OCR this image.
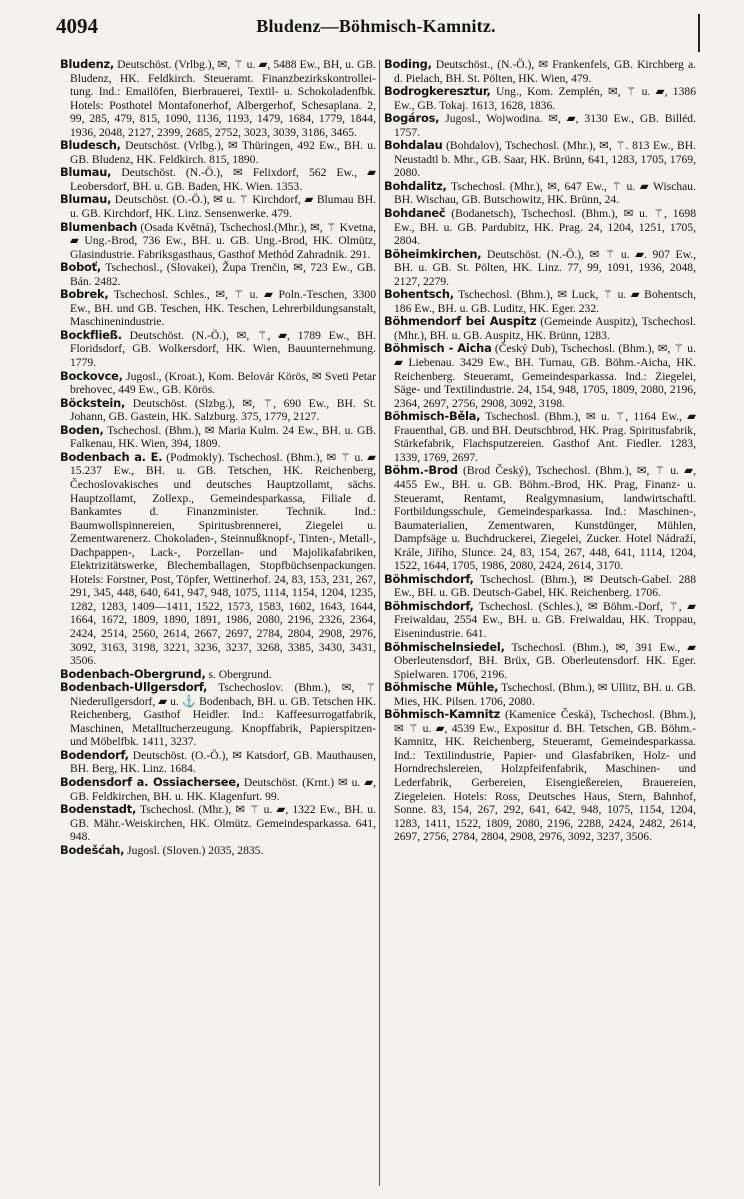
4094	Bludenz—Böhmisch-Kamnitz.

Bludenz, Deutschöst. (Vrlbg.), ✉, ⚚ u. ▰, 5488 Ew., BH, u. GB. Bludenz, HK. Feldkirch. Steueramt. Finanzbezirkskontrollei-tung. Ind.: Emailöfen, Bierbrauerei, Textil- u. Schokoladenfbk. Hotels: Posthotel Montafonerhof, Albergerhof, Schesaplana. 2, 99, 285, 479, 815, 1090, 1136, 1193, 1479, 1684, 1779, 1844, 1936, 2048, 2127, 2399, 2685, 2752, 3023, 3039, 3186, 3465.

Bludesch, Deutschöst. (Vrlbg.), ✉ Thüringen, 492 Ew., BH. u. GB. Bludenz, HK. Feldkirch. 815, 1890.

Blumau, Deutschöst. (N.-Ö.), ✉ Felixdorf, 562 Ew., ▰ Leobersdorf, BH. u. GB. Baden, HK. Wien. 1353.

Blumau, Deutschöst. (O.-Ö.), ✉ u. ⚚ Kirchdorf, ▰ Blumau BH. u. GB. Kirchdorf, HK. Linz. Sensenwerke. 479.

Blumenbach (Osada Květná), Tschechosl.(Mhr.), ✉, ⚚ Kvetna, ▰ Ung.-Brod, 736 Ew., BH. u. GB. Ung.-Brod, HK. Olmütz, Glasindustrie. Fabriksgasthaus, Gasthof Methód Zahradnik. 291.

Boboť, Tschechosl., (Slovakei), Župa Trenčin, ✉, 723 Ew., GB. Bán. 2482.

Bobrek, Tschechosl. Schles., ✉, ⚚ u. ▰ Poln.-Teschen, 3300 Ew., BH. und GB. Teschen, HK. Teschen, Lehrerbildungsanstalt, Maschinenindustrie.

Bockfließ. Deutschöst. (N.-Ö.), ✉, ⚚, ▰, 1789 Ew., BH. Floridsdorf, GB. Wolkersdorf, HK. Wien, Bauunternehmung. 1779.

Bockovce, Jugosl., (Kroat.), Kom. Belovár Körös, ✉ Sveti Petar brehovec, 449 Ew., GB. Körös.

Böckstein, Deutschöst. (Slzbg.), ✉, ⚚, 690 Ew., BH. St. Johann, GB. Gastein, HK. Salzburg. 375, 1779, 2127.

Boden, Tschechosl. (Bhm.), ✉ Maria Kulm. 24 Ew., BH. u. GB. Falkenau, HK. Wien, 394, 1809.

Bodenbach a. E. (Podmokly). Tschechosl. (Bhm.), ✉ ⚚ u. ▰ 15.237 Ew., BH. u. GB. Tetschen, HK. Reichenberg, Čechoslovakisches und deutsches Hauptzollamt, sächs. Hauptzollamt, Zollexp., Gemeindesparkassa, Filiale d. Bankamtes d. Finanzminister. Technik. Ind.: Baumwollspinnereien, Spiritusbrennerei, Ziegelei u. Zementwarenerz. Chokoladen-, Steinnußknopf-, Tinten-, Metall-, Dachpappen-, Lack-, Porzellan- und Majolikafabriken, Elektrizitätswerke, Blechemballagen, Stopfbüchsenpackungen. Hotels: Forstner, Post, Töpfer, Wettinerhof. 24, 83, 153, 231, 267, 291, 345, 448, 640, 641, 947, 948, 1075, 1114, 1154, 1204, 1235, 1282, 1283, 1409—1411, 1522, 1573, 1583, 1602, 1643, 1644, 1664, 1672, 1809, 1890, 1891, 1986, 2080, 2196, 2326, 2364, 2424, 2514, 2560, 2614, 2667, 2697, 2784, 2804, 2908, 2976, 3092, 3163, 3198, 3221, 3236, 3237, 3268, 3385, 3430, 3431, 3506.

Bodenbach-Obergrund, s. Obergrund.

Bodenbach-Ullgersdorf, Tschechoslov. (Bhm.), ✉, ⚚ Niederullgersdorf, ▰ u. ⚓ Bodenbach, BH. u. GB. Tetschen HK. Reichenberg, Gasthof Heidler. Ind.: Kaffeesurrogatfabrik, Maschinen, Metalltucherzeugung. Knopffabrik, Papierspitzen- und Möbelfbk. 1411, 3237.

Bodendorf, Deutschöst. (O.-Ö.), ✉ Katsdorf, GB. Mauthausen, BH. Berg, HK. Linz. 1684.

Bodensdorf a. Ossiachersee, Deutschöst. (Krnt.) ✉ u. ▰, GB. Feldkirchen, BH. u. HK. Klagenfurt. 99.

Bodenstadt, Tschechosl. (Mhr.), ✉ ⚚ u. ▰, 1322 Ew., BH. u. GB. Mähr.-Weiskirchen, HK. Olmütz. Gemeindesparkassa. 641, 948.

Bodešćah, Jugosl. (Sloven.) 2035, 2835.

Boding, Deutschöst., (N.-Ö.), ✉ Frankenfels, GB. Kirchberg a. d. Pielach, BH. St. Pölten, HK. Wien, 479.

Bodrogkeresztur, Ung., Kom. Zemplén, ✉, ⚚ u. ▰, 1386 Ew., GB. Tokaj. 1613, 1628, 1836.

Bogáros, Jugosl., Wojwodina. ✉, ▰, 3130 Ew., GB. Billéd. 1757.

Bohdalau (Bohdalov), Tschechosl. (Mhr.), ✉, ⚚. 813 Ew., BH. Neustadtl b. Mhr., GB. Saar, HK. Brünn, 641, 1283, 1705, 1769, 2080.

Bohdalitz, Tschechosl. (Mhr.), ✉, 647 Ew., ⚚ u. ▰ Wischau. BH. Wischau, GB. Butschowitz, HK. Brünn, 24.

Bohdaneč (Bodanetsch), Tschechosl. (Bhm.), ✉ u. ⚚, 1698 Ew., BH. u. GB. Pardubitz, HK. Prag. 24, 1204, 1251, 1705, 2804.

Böheimkirchen, Deutschöst. (N.-Ö.), ✉ ⚚ u. ▰. 907 Ew., BH. u. GB. St. Pölten, HK. Linz. 77, 99, 1091, 1936, 2048, 2127, 2279.

Bohentsch, Tschechosl. (Bhm.), ✉ Luck, ⚚ u. ▰ Bohentsch, 186 Ew., BH. u. GB. Luditz, HK. Eger. 232.

Böhmendorf bei Auspitz (Gemeinde Auspitz), Tschechosl. (Mhr.), BH. u. GB. Auspitz, HK. Brünn, 1283.

Böhmisch - Aicha (Český Dub), Tschechosl. (Bhm.), ✉, ⚚ u. ▰ Liebenau. 3429 Ew., BH. Turnau, GB. Böhm.-Aicha, HK. Reichenberg. Steueramt, Gemeindesparkassa. Ind.: Ziegelei, Säge- und Textilindustrie. 24, 154, 948, 1705, 1809, 2080, 2196, 2364, 2697, 2756, 2908, 3092, 3198.

Böhmisch-Běla, Tschechosl. (Bhm.), ✉ u. ⚚, 1164 Ew., ▰ Frauenthal, GB. und BH. Deutschbrod, HK. Prag. Spiritusfabrik, Stärkefabrik, Flachsputzereien. Gasthof Ant. Fiedler. 1283, 1339, 1769, 2697.

Böhm.-Brod (Brod Český), Tschechosl. (Bhm.), ✉, ⚚ u. ▰, 4455 Ew., BH. u. GB. Böhm.-Brod, HK. Prag, Finanz- u. Steueramt, Rentamt, Realgymnasium, landwirtschaftl. Fortbildungsschule, Gemeindesparkassa. Ind.: Maschinen-, Baumaterialien, Zementwaren, Kunstdünger, Mühlen, Dampfsäge u. Buchdruckerei, Ziegelei, Zucker. Hotel Nádraží, Krále, Jiřího, Slunce. 24, 83, 154, 267, 448, 641, 1114, 1204, 1522, 1644, 1705, 1986, 2080, 2424, 2614, 3170.

Böhmischdorf, Tschechosl. (Bhm.), ✉ Deutsch-Gabel. 288 Ew., BH. u. GB. Deutsch-Gabel, HK. Reichenberg. 1706.

Böhmischdorf, Tschechosl. (Schles.), ✉ Böhm.-Dorf, ⚚, ▰ Freiwaldau, 2554 Ew., BH. u. GB. Freiwaldau, HK. Troppau, Eisenindustrie. 641.

Böhmischelnsiedel, Tschechosl. (Bhm.), ✉, 391 Ew., ▰ Oberleutensdorf, BH. Brüx, GB. Oberleutensdorf. HK. Eger. Spielwaren. 1706, 2196.

Böhmische Mühle, Tschechosl. (Bhm.), ✉ Ullitz, BH. u. GB. Mies, HK. Pilsen. 1706, 2080.

Böhmisch-Kamnitz (Kamenice Česká), Tschechosl. (Bhm.), ✉ ⚚ u. ▰, 4539 Ew., Expositur d. BH. Tetschen, GB. Böhm.-Kamnitz, HK. Reichenberg, Steueramt, Gemeindesparkassa. Ind.: Textilindustrie, Papier- und Glasfabriken, Holz- und Horndrechslereien, Holzpfeifenfabrik, Maschinen- und Lederfabrik, Gerbereien, Eisengießereien, Brauereien, Ziegeleien. Hotels: Ross, Deutsches Haus, Stern, Bahnhof, Sonne. 83, 154, 267, 292, 641, 642, 948, 1075, 1154, 1204, 1283, 1411, 1522, 1809, 2080, 2196, 2288, 2424, 2482, 2614, 2697, 2756, 2784, 2804, 2908, 2976, 3092, 3237, 3506.
